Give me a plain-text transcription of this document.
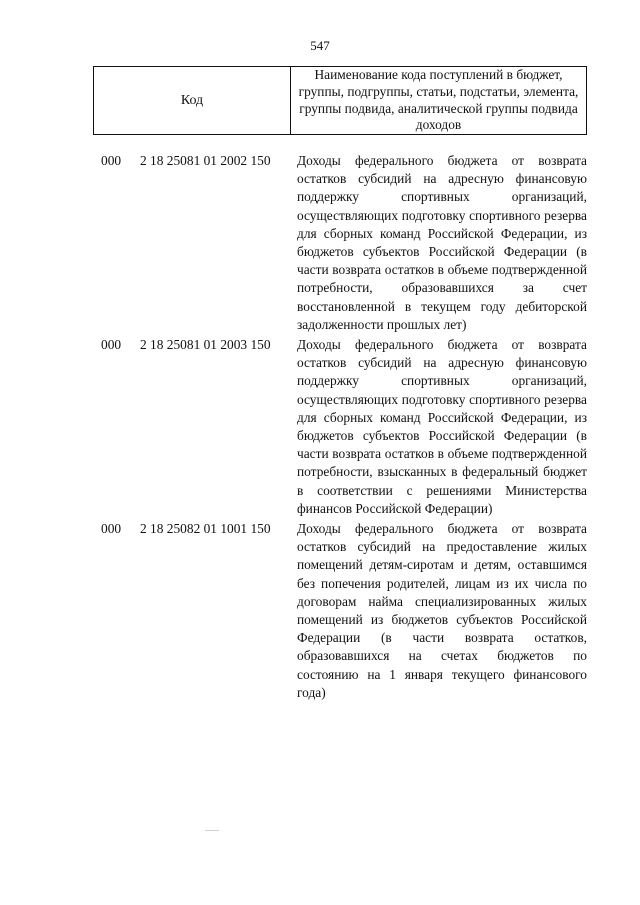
547
Код
Наименование кода поступлений в бюджет, группы, подгруппы, статьи, подстатьи, элемента, группы подвида, аналитической группы подвида доходов
000 2 18 25081 01 2002 150 Доходы федерального бюджета от возврата остатков субсидий на адресную финансовую поддержку спортивных организаций, осуществляющих подготовку спортивного резерва для сборных команд Российской Федерации, из бюджетов субъектов Российской Федерации (в части возврата остатков в объеме подтвержденной потребности, образовавшихся за счет восстановленной в текущем году дебиторской задолженности прошлых лет)
000 2 18 25081 01 2003 150 Доходы федерального бюджета от возврата остатков субсидий на адресную финансовую поддержку спортивных организаций, осуществляющих подготовку спортивного резерва для сборных команд Российской Федерации, из бюджетов субъектов Российской Федерации (в части возврата остатков в объеме подтвержденной потребности, взысканных в федеральный бюджет в соответствии с решениями Министерства финансов Российской Федерации)
000 2 18 25082 01 1001 150 Доходы федерального бюджета от возврата остатков субсидий на предоставление жилых помещений детям-сиротам и детям, оставшимся без попечения родителей, лицам из их числа по договорам найма специализированных жилых помещений из бюджетов субъектов Российской Федерации (в части возврата остатков, образовавшихся на счетах бюджетов по состоянию на 1 января текущего финансового года)
